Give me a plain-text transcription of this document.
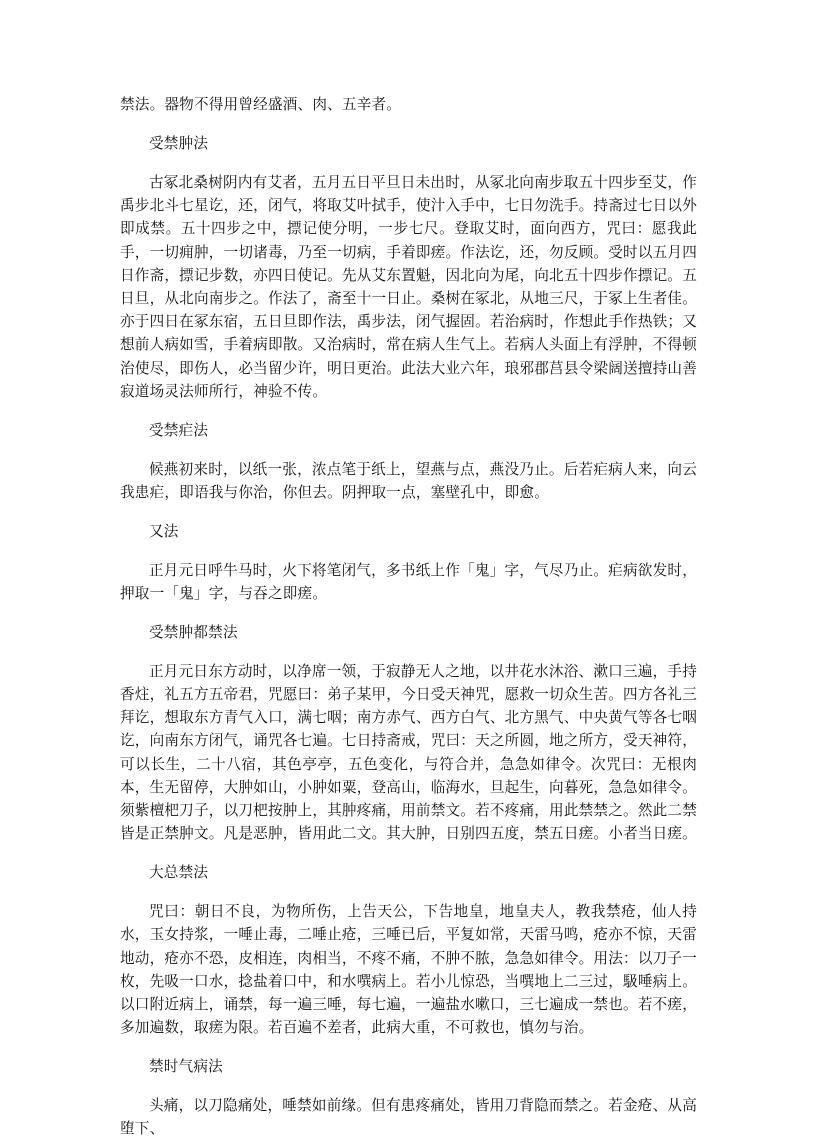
禁法。器物不得用曾经盛酒、肉、五辛者。

受禁肿法

古冢北桑树阴内有艾者，五月五日平旦日未出时，从冢北向南步取五十四步至艾，作禹步北斗七星讫，还，闭气，将取艾叶拭手，使汁入手中，七日勿洗手。持斋过七日以外即成禁。五十四步之中，摽记使分明，一步七尺。登取艾时，面向西方，咒曰：愿我此手，一切痈肿，一切诸毒，乃至一切病，手着即瘥。作法讫，还，勿反顾。受时以五月四日作斋，摽记步数，亦四日使记。先从艾东置魁，因北向为尾，向北五十四步作摽记。五日旦，从北向南步之。作法了，斋至十一日止。桑树在冢北，从地三尺，于冢上生者佳。亦于四日在冢东宿，五日旦即作法，禹步法，闭气握固。若治病时，作想此手作热铁；又想前人病如雪，手着病即散。又治病时，常在病人生气上。若病人头面上有浮肿，不得顿治使尽，即伤人，必当留少许，明日更治。此法大业六年，琅邪郡莒县令梁阔送擅持山善寂道场灵法师所行，神验不传。

受禁疟法

候燕初来时，以纸一张，浓点笔于纸上，望燕与点，燕没乃止。后若疟病人来，向云我患疟，即语我与你治，你但去。阴押取一点，塞壁孔中，即愈。

又法

正月元日呼牛马时，火下将笔闭气，多书纸上作「鬼」字，气尽乃止。疟病欲发时，押取一「鬼」字，与吞之即瘥。

受禁肿都禁法

正月元日东方动时，以净席一领，于寂静无人之地，以井花水沐浴、漱口三遍，手持香炷，礼五方五帝君，咒愿曰：弟子某甲，今日受天神咒，愿救一切众生苦。四方各礼三拜讫，想取东方青气入口，满七咽；南方赤气、西方白气、北方黑气、中央黄气等各七咽讫，向南东方闭气，诵咒各七遍。七日持斋戒，咒曰：天之所圆，地之所方，受天神符，可以长生，二十八宿，其色亭亭，五色变化，与符合并，急急如律令。次咒曰：无根肉本，生无留停，大肿如山，小肿如粟，登高山，临海水，旦起生，向暮死，急急如律令。须紫檀杷刀子，以刀杷按肿上，其肿疼痛，用前禁文。若不疼痛，用此禁禁之。然此二禁皆是正禁肿文。凡是恶肿，皆用此二文。其大肿，日别四五度，禁五日瘥。小者当日瘥。

大总禁法

咒曰：朝日不良，为物所伤，上告天公，下告地皇，地皇夫人，教我禁疮，仙人持水，玉女持浆，一唾止毒，二唾止疮，三唾已后，平复如常，天雷马鸣，疮亦不惊，天雷地动，疮亦不恐，皮相连，肉相当，不疼不痛，不肿不脓，急急如律令。用法：以刀子一枚，先吸一口水，捻盐着口中，和水噀病上。若小儿惊恐，当噀地上二三过，馺唾病上。以口附近病上，诵禁，每一遍三唾，每七遍，一遍盐水嗽口，三七遍成一禁也。若不瘥，多加遍数，取瘥为限。若百遍不差者，此病大重，不可救也，慎勿与治。

禁时气病法

头痛，以刀隐痛处，唾禁如前缘。但有患疼痛处，皆用刀背隐而禁之。若金疮、从高堕下、
